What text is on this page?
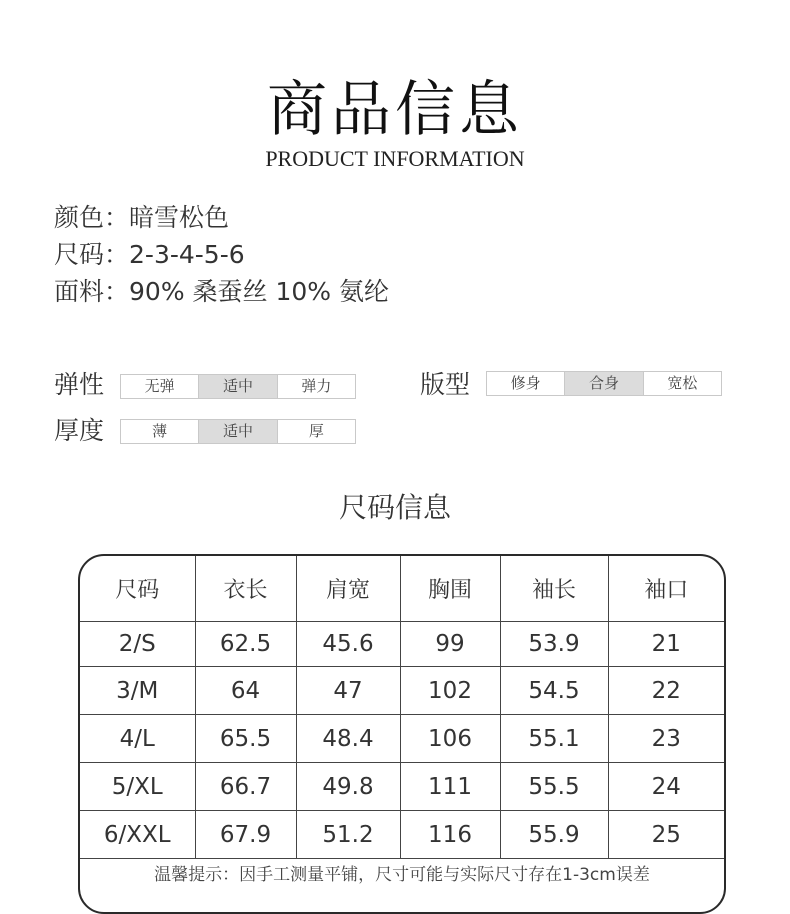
商品信息
PRODUCT INFORMATION
颜色：暗雪松色
尺码：2-3-4-5-6
面料：90% 桑蚕丝 10% 氨纶
弹性	无弹	适中	弹力	版型	修身	合身	宽松
厚度	薄	适中	厚
尺码信息
尺码	衣长	肩宽	胸围	袖长	袖口
2/S	62.5	45.6	99	53.9	21
3/M	64	47	102	54.5	22
4/L	65.5	48.4	106	55.1	23
5/XL	66.7	49.8	111	55.5	24
6/XXL	67.9	51.2	116	55.9	25
温馨提示：因手工测量平铺，尺寸可能与实际尺寸存在1-3cm误差
